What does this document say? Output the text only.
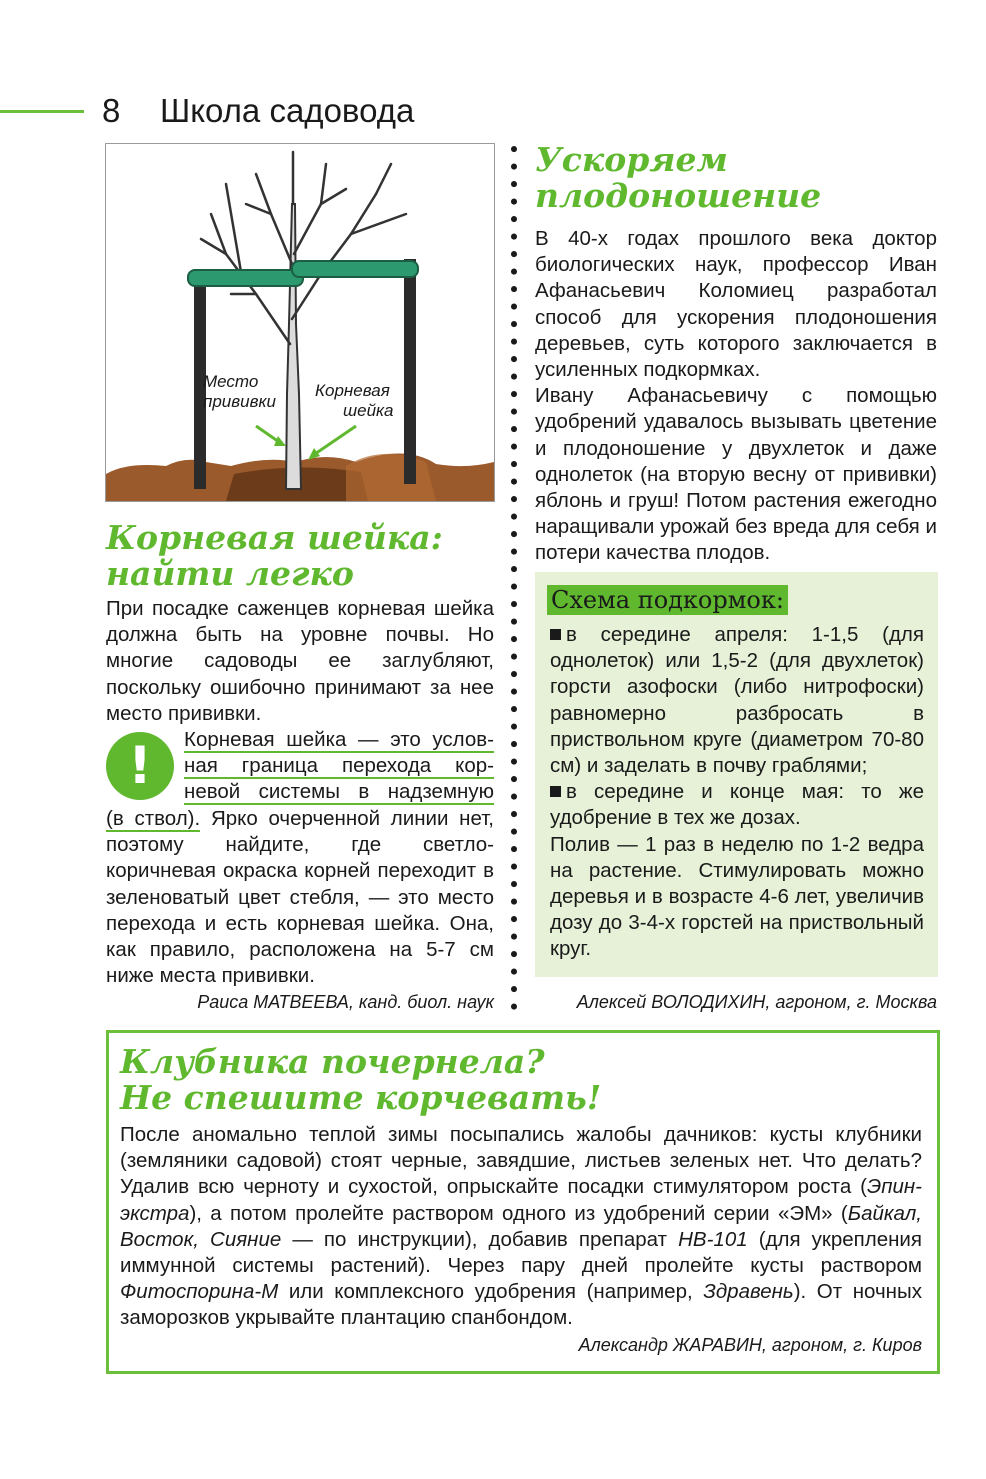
8 Школа садовода
Место
прививки
Корневая
шейка
Корневая шейка:
найти легко

При посадке саженцев корневая шейка должна быть на уровне почвы. Но многие садоводы ее заглубляют, поскольку ошибочно принимают за нее место прививки.

!	Корневая шейка — это услов-
ная граница перехода кор-
невой системы в надземную

(в ствол). Ярко очерченной линии нет, поэтому найдите, где светло-коричневая окраска корней переходит в зеленоватый цвет стебля, — это место перехода и есть корневая шейка. Она, как правило, расположена на 5-7 см ниже места прививки.

Раиса МАТВЕЕВА, канд. биол. наук
Ускоряем
плодоношение

В 40-х годах прошлого века доктор биологических наук, профессор Иван Афанасьевич Коломиец разработал способ для ускорения плодоношения деревьев, суть которого заключается в усиленных подкормках.

Ивану Афанасьевичу с помощью удобрений удавалось вызывать цветение и плодоношение у двухлеток и даже однолеток (на вторую весну от прививки) яблонь и груш! Потом растения ежегодно наращивали урожай без вреда для себя и потери качества плодов.

Схема подкормок:

в середине апреля: 1-1,5 (для однолеток) или 1,5-2 (для двухлеток) горсти азофоски (либо нитрофоски) равномерно разбросать в приствольном круге (диаметром 70-80 см) и заделать в почву граблями;

в середине и конце мая: то же удобрение в тех же дозах.

Полив — 1 раз в неделю по 1-2 ведра на растение. Стимулировать можно деревья и в возрасте 4-6 лет, увеличив дозу до 3-4-х горстей на приствольный круг.

Алексей ВОЛОДИХИН, агроном, г. Москва
Клубника почернела?
Не спешите корчевать!

После аномально теплой зимы посыпались жалобы дачников: кусты клубники (земляники садовой) стоят черные, завядшие, листьев зеленых нет. Что делать? Удалив всю черноту и сухостой, опрыскайте посадки стимулятором роста (Эпин-экстра), а потом пролейте раствором одного из удобрений серии «ЭМ» (Байкал, Восток, Сияние — по инструкции), добавив препарат НВ-101 (для укрепления иммунной системы растений). Через пару дней пролейте кусты раствором Фитоспорина-М или комплексного удобрения (например, Здравень). От ночных заморозков укрывайте плантацию спанбондом.

Александр ЖАРАВИН, агроном, г. Киров
